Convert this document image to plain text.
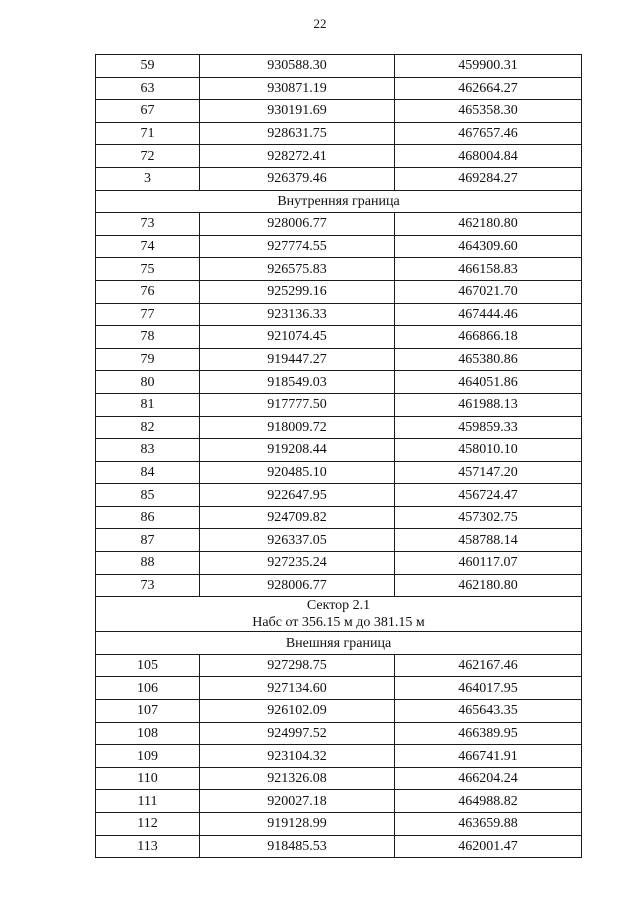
22
59	930588.30	459900.31
63	930871.19	462664.27
67	930191.69	465358.30
71	928631.75	467657.46
72	928272.41	468004.84
3	926379.46	469284.27
Внутренняя граница		
73	928006.77	462180.80
74	927774.55	464309.60
75	926575.83	466158.83
76	925299.16	467021.70
77	923136.33	467444.46
78	921074.45	466866.18
79	919447.27	465380.86
80	918549.03	464051.86
81	917777.50	461988.13
82	918009.72	459859.33
83	919208.44	458010.10
84	920485.10	457147.20
85	922647.95	456724.47
86	924709.82	457302.75
87	926337.05	458788.14
88	927235.24	460117.07
73	928006.77	462180.80

Сектор 2.1
Набс от 356.15 м до 381.15 м		

Внешняя граница		
105	927298.75	462167.46
106	927134.60	464017.95
107	926102.09	465643.35
108	924997.52	466389.95
109	923104.32	466741.91
110	921326.08	466204.24
111	920027.18	464988.82
112	919128.99	463659.88
113	918485.53	462001.47
